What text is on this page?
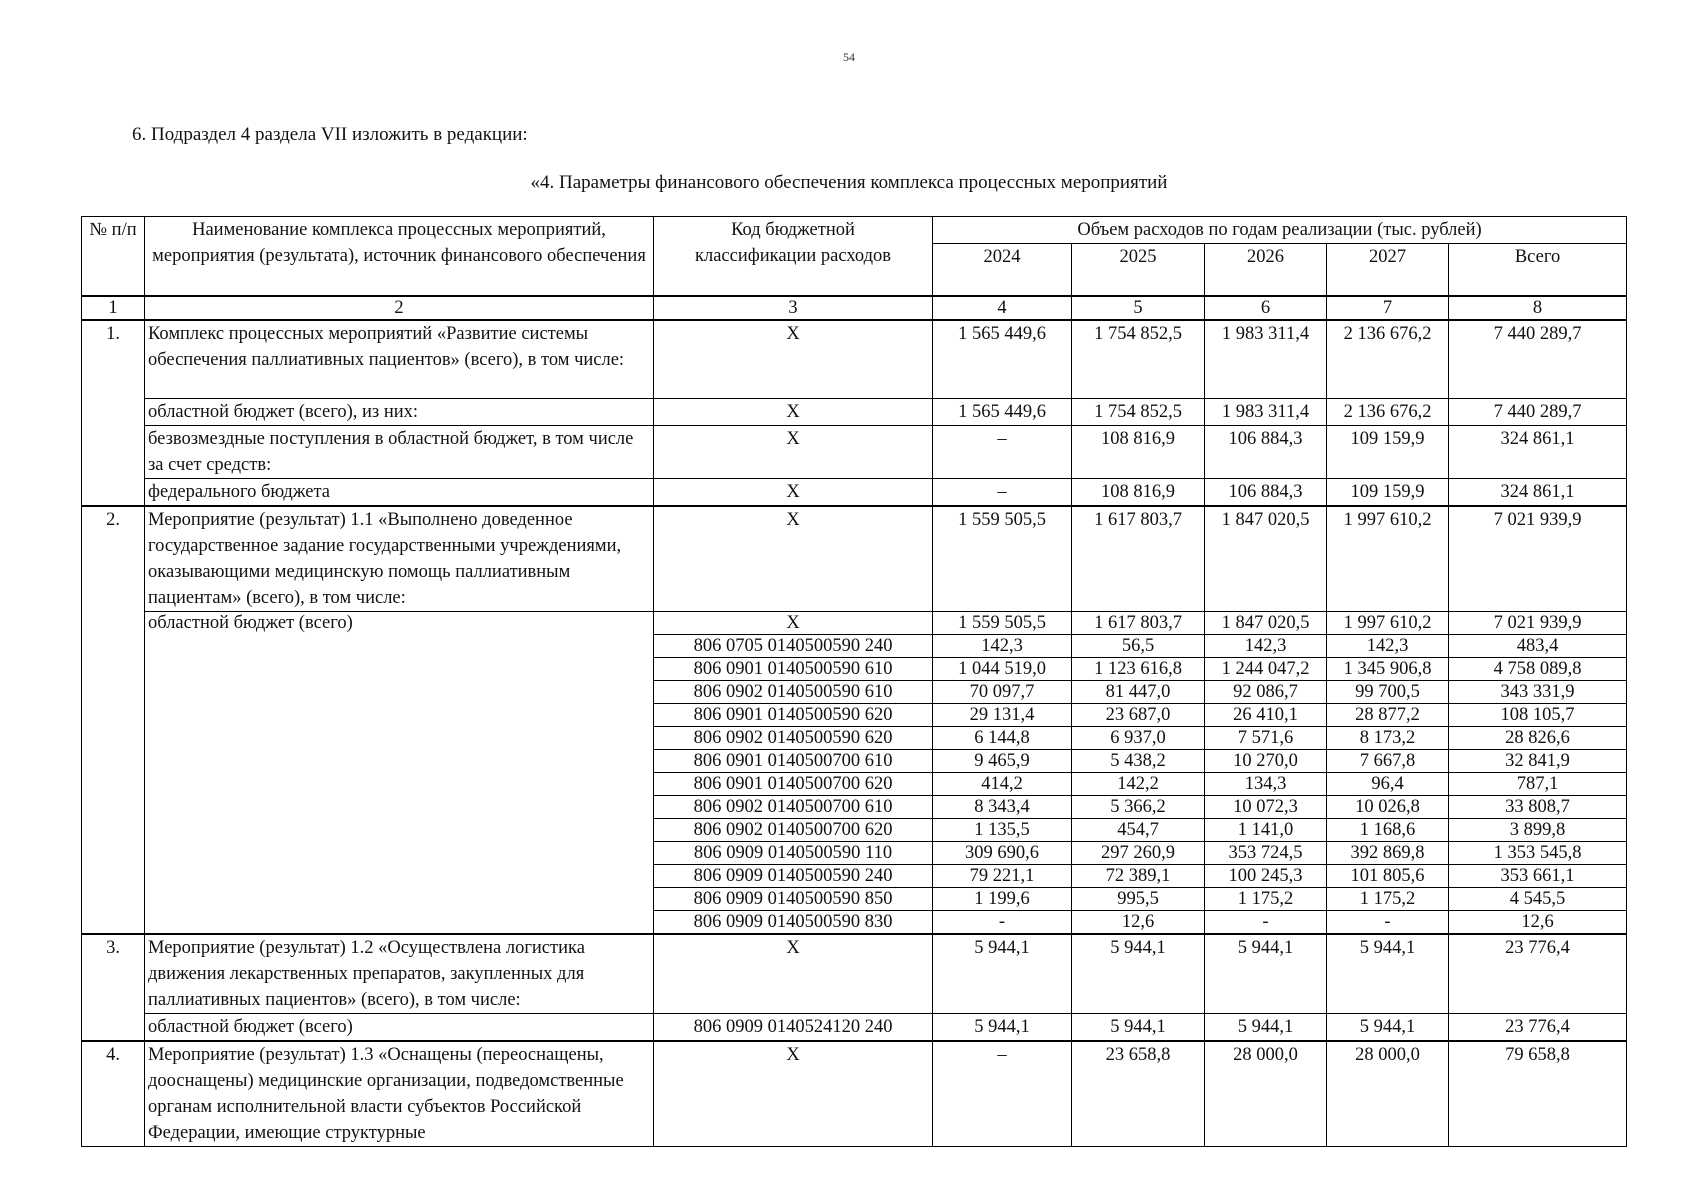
54
6. Подраздел 4 раздела VII изложить в редакции:
«4. Параметры финансового обеспечения комплекса процессных мероприятий
№ п/п	Наименование комплекса процессных мероприятий, мероприятия (результата), источник финансового обеспечения	Код бюджетной классификации расходов	Объем расходов по годам реализации (тыс. рублей)				
			2024	2025	2026	2027	Всего
1	2	3	4	5	6	7	8
1.	Комплекс процессных мероприятий «Развитие системы обеспечения паллиативных пациентов» (всего), в том числе:	X	1 565 449,6	1 754 852,5	1 983 311,4	2 136 676,2	7 440 289,7
	областной бюджет (всего), из них:	X	1 565 449,6	1 754 852,5	1 983 311,4	2 136 676,2	7 440 289,7
	безвозмездные поступления в областной бюджет, в том числе за счет средств:	X	–	108 816,9	106 884,3	109 159,9	324 861,1
	федерального бюджета	X	–	108 816,9	106 884,3	109 159,9	324 861,1
2.	Мероприятие (результат) 1.1 «Выполнено доведенное государственное задание государственными учреждениями, оказывающими медицинскую помощь паллиативным пациентам» (всего), в том числе:	X	1 559 505,5	1 617 803,7	1 847 020,5	1 997 610,2	7 021 939,9
	областной бюджет (всего)	X	1 559 505,5	1 617 803,7	1 847 020,5	1 997 610,2	7 021 939,9
		806 0705 0140500590 240	142,3	56,5	142,3	142,3	483,4
		806 0901 0140500590 610	1 044 519,0	1 123 616,8	1 244 047,2	1 345 906,8	4 758 089,8
		806 0902 0140500590 610	70 097,7	81 447,0	92 086,7	99 700,5	343 331,9
		806 0901 0140500590 620	29 131,4	23 687,0	26 410,1	28 877,2	108 105,7
		806 0902 0140500590 620	6 144,8	6 937,0	7 571,6	8 173,2	28 826,6
		806 0901 0140500700 610	9 465,9	5 438,2	10 270,0	7 667,8	32 841,9
		806 0901 0140500700 620	414,2	142,2	134,3	96,4	787,1
		806 0902 0140500700 610	8 343,4	5 366,2	10 072,3	10 026,8	33 808,7
		806 0902 0140500700 620	1 135,5	454,7	1 141,0	1 168,6	3 899,8
		806 0909 0140500590 110	309 690,6	297 260,9	353 724,5	392 869,8	1 353 545,8
		806 0909 0140500590 240	79 221,1	72 389,1	100 245,3	101 805,6	353 661,1
		806 0909 0140500590 850	1 199,6	995,5	1 175,2	1 175,2	4 545,5
		806 0909 0140500590 830	-	12,6	-	-	12,6
3.	Мероприятие (результат) 1.2 «Осуществлена логистика движения лекарственных препаратов, закупленных для паллиативных пациентов» (всего), в том числе:	X	5 944,1	5 944,1	5 944,1	5 944,1	23 776,4
	областной бюджет (всего)	806 0909 0140524120 240	5 944,1	5 944,1	5 944,1	5 944,1	23 776,4
4.	Мероприятие (результат) 1.3 «Оснащены (переоснащены, дооснащены) медицинские организации, подведомственные органам исполнительной власти субъектов Российской Федерации, имеющие структурные	X	–	23 658,8	28 000,0	28 000,0	79 658,8
